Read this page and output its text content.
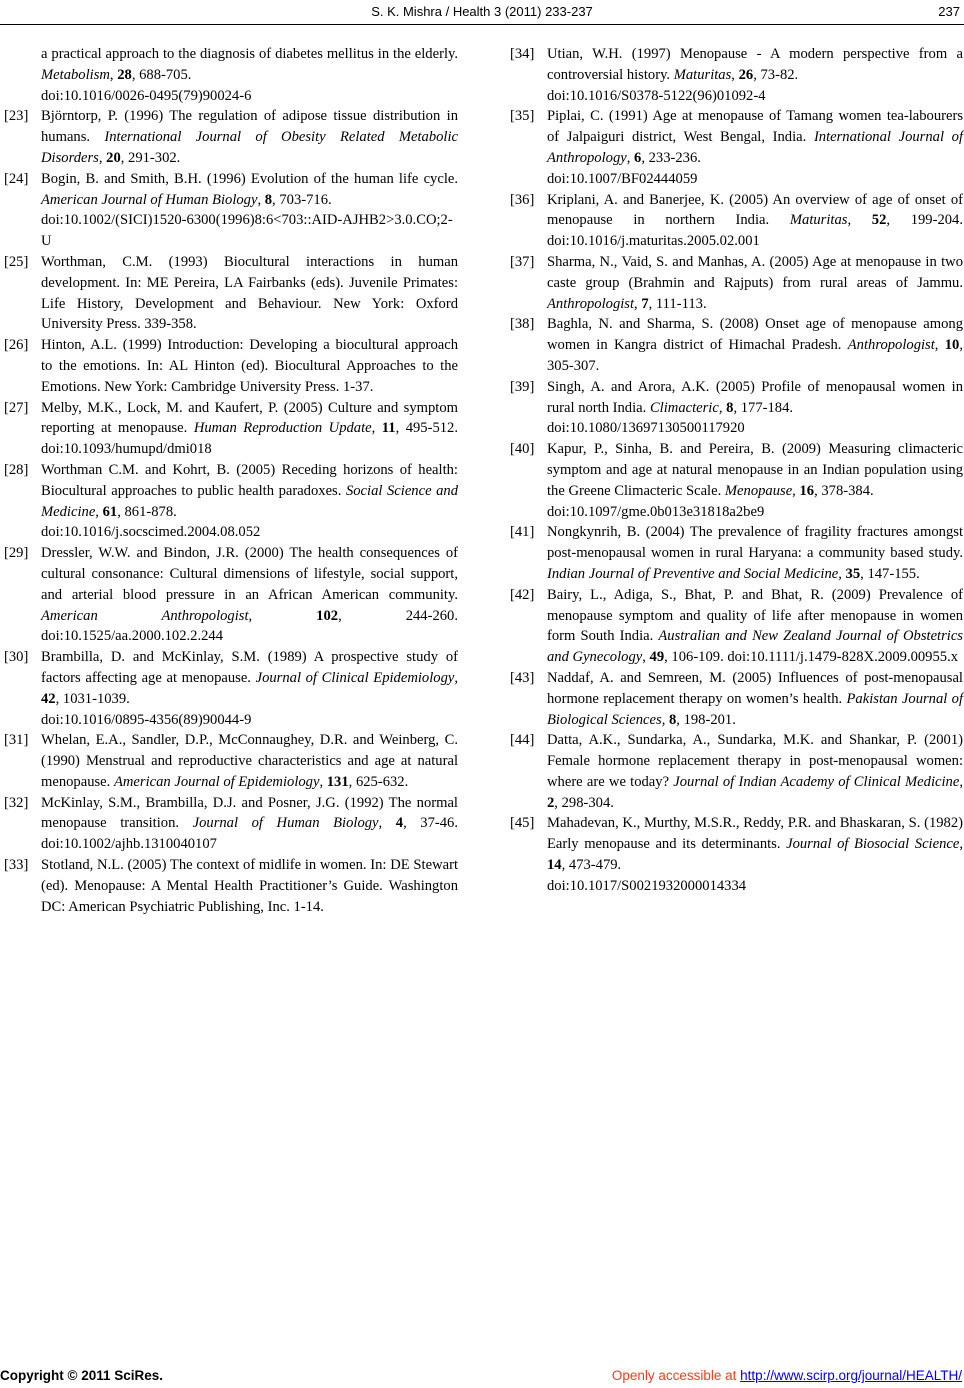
S. K. Mishra / Health 3 (2011) 233-237	237
a practical approach to the diagnosis of diabetes mellitus in the elderly. Metabolism, 28, 688-705.
doi:10.1016/0026-0495(79)90024-6
[23] Björntorp, P. (1996) The regulation of adipose tissue distribution in humans. International Journal of Obesity Related Metabolic Disorders, 20, 291-302.
[24] Bogin, B. and Smith, B.H. (1996) Evolution of the human life cycle. American Journal of Human Biology, 8, 703-716.
doi:10.1002/(SICI)1520-6300(1996)8:6<703::AID-AJHB2>3.0.CO;2-U
[25] Worthman, C.M. (1993) Biocultural interactions in human development. In: ME Pereira, LA Fairbanks (eds). Juvenile Primates: Life History, Development and Behaviour. New York: Oxford University Press. 339-358.
[26] Hinton, A.L. (1999) Introduction: Developing a biocultural approach to the emotions. In: AL Hinton (ed). Biocultural Approaches to the Emotions. New York: Cambridge University Press. 1-37.
[27] Melby, M.K., Lock, M. and Kaufert, P. (2005) Culture and symptom reporting at menopause. Human Reproduction Update, 11, 495-512. doi:10.1093/humupd/dmi018
[28] Worthman C.M. and Kohrt, B. (2005) Receding horizons of health: Biocultural approaches to public health paradoxes. Social Science and Medicine, 61, 861-878.
doi:10.1016/j.socscimed.2004.08.052
[29] Dressler, W.W. and Bindon, J.R. (2000) The health consequences of cultural consonance: Cultural dimensions of lifestyle, social support, and arterial blood pressure in an African American community. American Anthropologist, 102, 244-260. doi:10.1525/aa.2000.102.2.244
[30] Brambilla, D. and McKinlay, S.M. (1989) A prospective study of factors affecting age at menopause. Journal of Clinical Epidemiology, 42, 1031-1039.
doi:10.1016/0895-4356(89)90044-9
[31] Whelan, E.A., Sandler, D.P., McConnaughey, D.R. and Weinberg, C. (1990) Menstrual and reproductive characteristics and age at natural menopause. American Journal of Epidemiology, 131, 625-632.
[32] McKinlay, S.M., Brambilla, D.J. and Posner, J.G. (1992) The normal menopause transition. Journal of Human Biology, 4, 37-46. doi:10.1002/ajhb.1310040107
[33] Stotland, N.L. (2005) The context of midlife in women. In: DE Stewart (ed). Menopause: A Mental Health Practitioner’s Guide. Washington DC: American Psychiatric Publishing, Inc. 1-14.
[34] Utian, W.H. (1997) Menopause - A modern perspective from a controversial history. Maturitas, 26, 73-82.
doi:10.1016/S0378-5122(96)01092-4
[35] Piplai, C. (1991) Age at menopause of Tamang women tea-labourers of Jalpaiguri district, West Bengal, India. International Journal of Anthropology, 6, 233-236.
doi:10.1007/BF02444059
[36] Kriplani, A. and Banerjee, K. (2005) An overview of age of onset of menopause in northern India. Maturitas, 52, 199-204. doi:10.1016/j.maturitas.2005.02.001
[37] Sharma, N., Vaid, S. and Manhas, A. (2005) Age at menopause in two caste group (Brahmin and Rajputs) from rural areas of Jammu. Anthropologist, 7, 111-113.
[38] Baghla, N. and Sharma, S. (2008) Onset age of menopause among women in Kangra district of Himachal Pradesh. Anthropologist, 10, 305-307.
[39] Singh, A. and Arora, A.K. (2005) Profile of menopausal women in rural north India. Climacteric, 8, 177-184.
doi:10.1080/13697130500117920
[40] Kapur, P., Sinha, B. and Pereira, B. (2009) Measuring climacteric symptom and age at natural menopause in an Indian population using the Greene Climacteric Scale. Menopause, 16, 378-384.
doi:10.1097/gme.0b013e31818a2be9
[41] Nongkynrih, B. (2004) The prevalence of fragility fractures amongst post-menopausal women in rural Haryana: a community based study. Indian Journal of Preventive and Social Medicine, 35, 147-155.
[42] Bairy, L., Adiga, S., Bhat, P. and Bhat, R. (2009) Prevalence of menopause symptom and quality of life after menopause in women form South India. Australian and New Zealand Journal of Obstetrics and Gynecology, 49, 106-109. doi:10.1111/j.1479-828X.2009.00955.x
[43] Naddaf, A. and Semreen, M. (2005) Influences of post-menopausal hormone replacement therapy on women’s health. Pakistan Journal of Biological Sciences, 8, 198-201.
[44] Datta, A.K., Sundarka, A., Sundarka, M.K. and Shankar, P. (2001) Female hormone replacement therapy in post-menopausal women: where are we today? Journal of Indian Academy of Clinical Medicine, 2, 298-304.
[45] Mahadevan, K., Murthy, M.S.R., Reddy, P.R. and Bhaskaran, S. (1982) Early menopause and its determinants. Journal of Biosocial Science, 14, 473-479.
doi:10.1017/S0021932000014334
Copyright © 2011 SciRes.	Openly accessible at http://www.scirp.org/journal/HEALTH/
